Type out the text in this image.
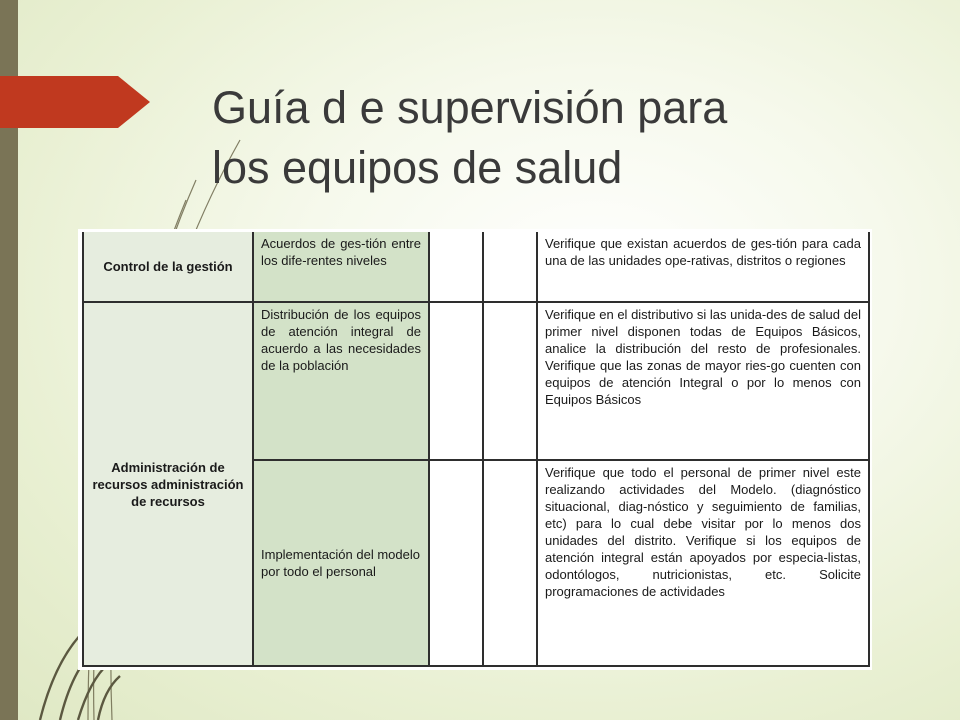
Guía d e supervisión para
los equipos de salud
Control de la gestión	Acuerdos de ges-tión entre los dife-rentes niveles			Verifique que existan acuerdos de ges-tión para cada una de las unidades ope-rativas, distritos o regiones
Administración de recursos administración de recursos	Distribución de los equipos de atención integral de acuerdo a las necesidades de la población			Verifique en el distributivo si las unida-des de salud del primer nivel disponen todas de Equipos Básicos, analice la distribución del resto de profesionales. Verifique que las zonas de mayor ries-go cuenten con equipos de atención Integral o por lo menos con Equipos Básicos
	Implementación del modelo por todo el personal			Verifique que todo el personal de primer nivel este realizando actividades del Modelo. (diagnóstico situacional, diag-nóstico y seguimiento de familias, etc) para lo cual debe visitar por lo menos dos unidades del distrito. Verifique si los equipos de atención integral están apoyados por especia-listas, odontólogos, nutricionistas, etc. Solicite programaciones de actividades
